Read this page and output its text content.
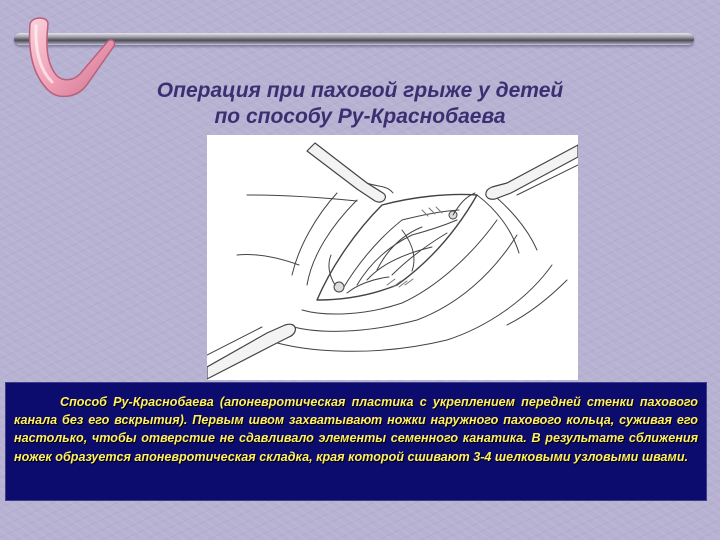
Операция при паховой грыже у детей
по способу Ру-Краснобаева

Способ Ру-Краснобаева (апоневротическая пластика с укреплением передней стенки пахового канала без его вскрытия). Первым швом захватывают ножки наружного пахового кольца, суживая его настолько, чтобы отверстие не сдавливало элементы семенного канатика. В результате сближения ножек образуется апоневротическая складка, края которой сшивают 3-4 шелковыми узловыми швами.
